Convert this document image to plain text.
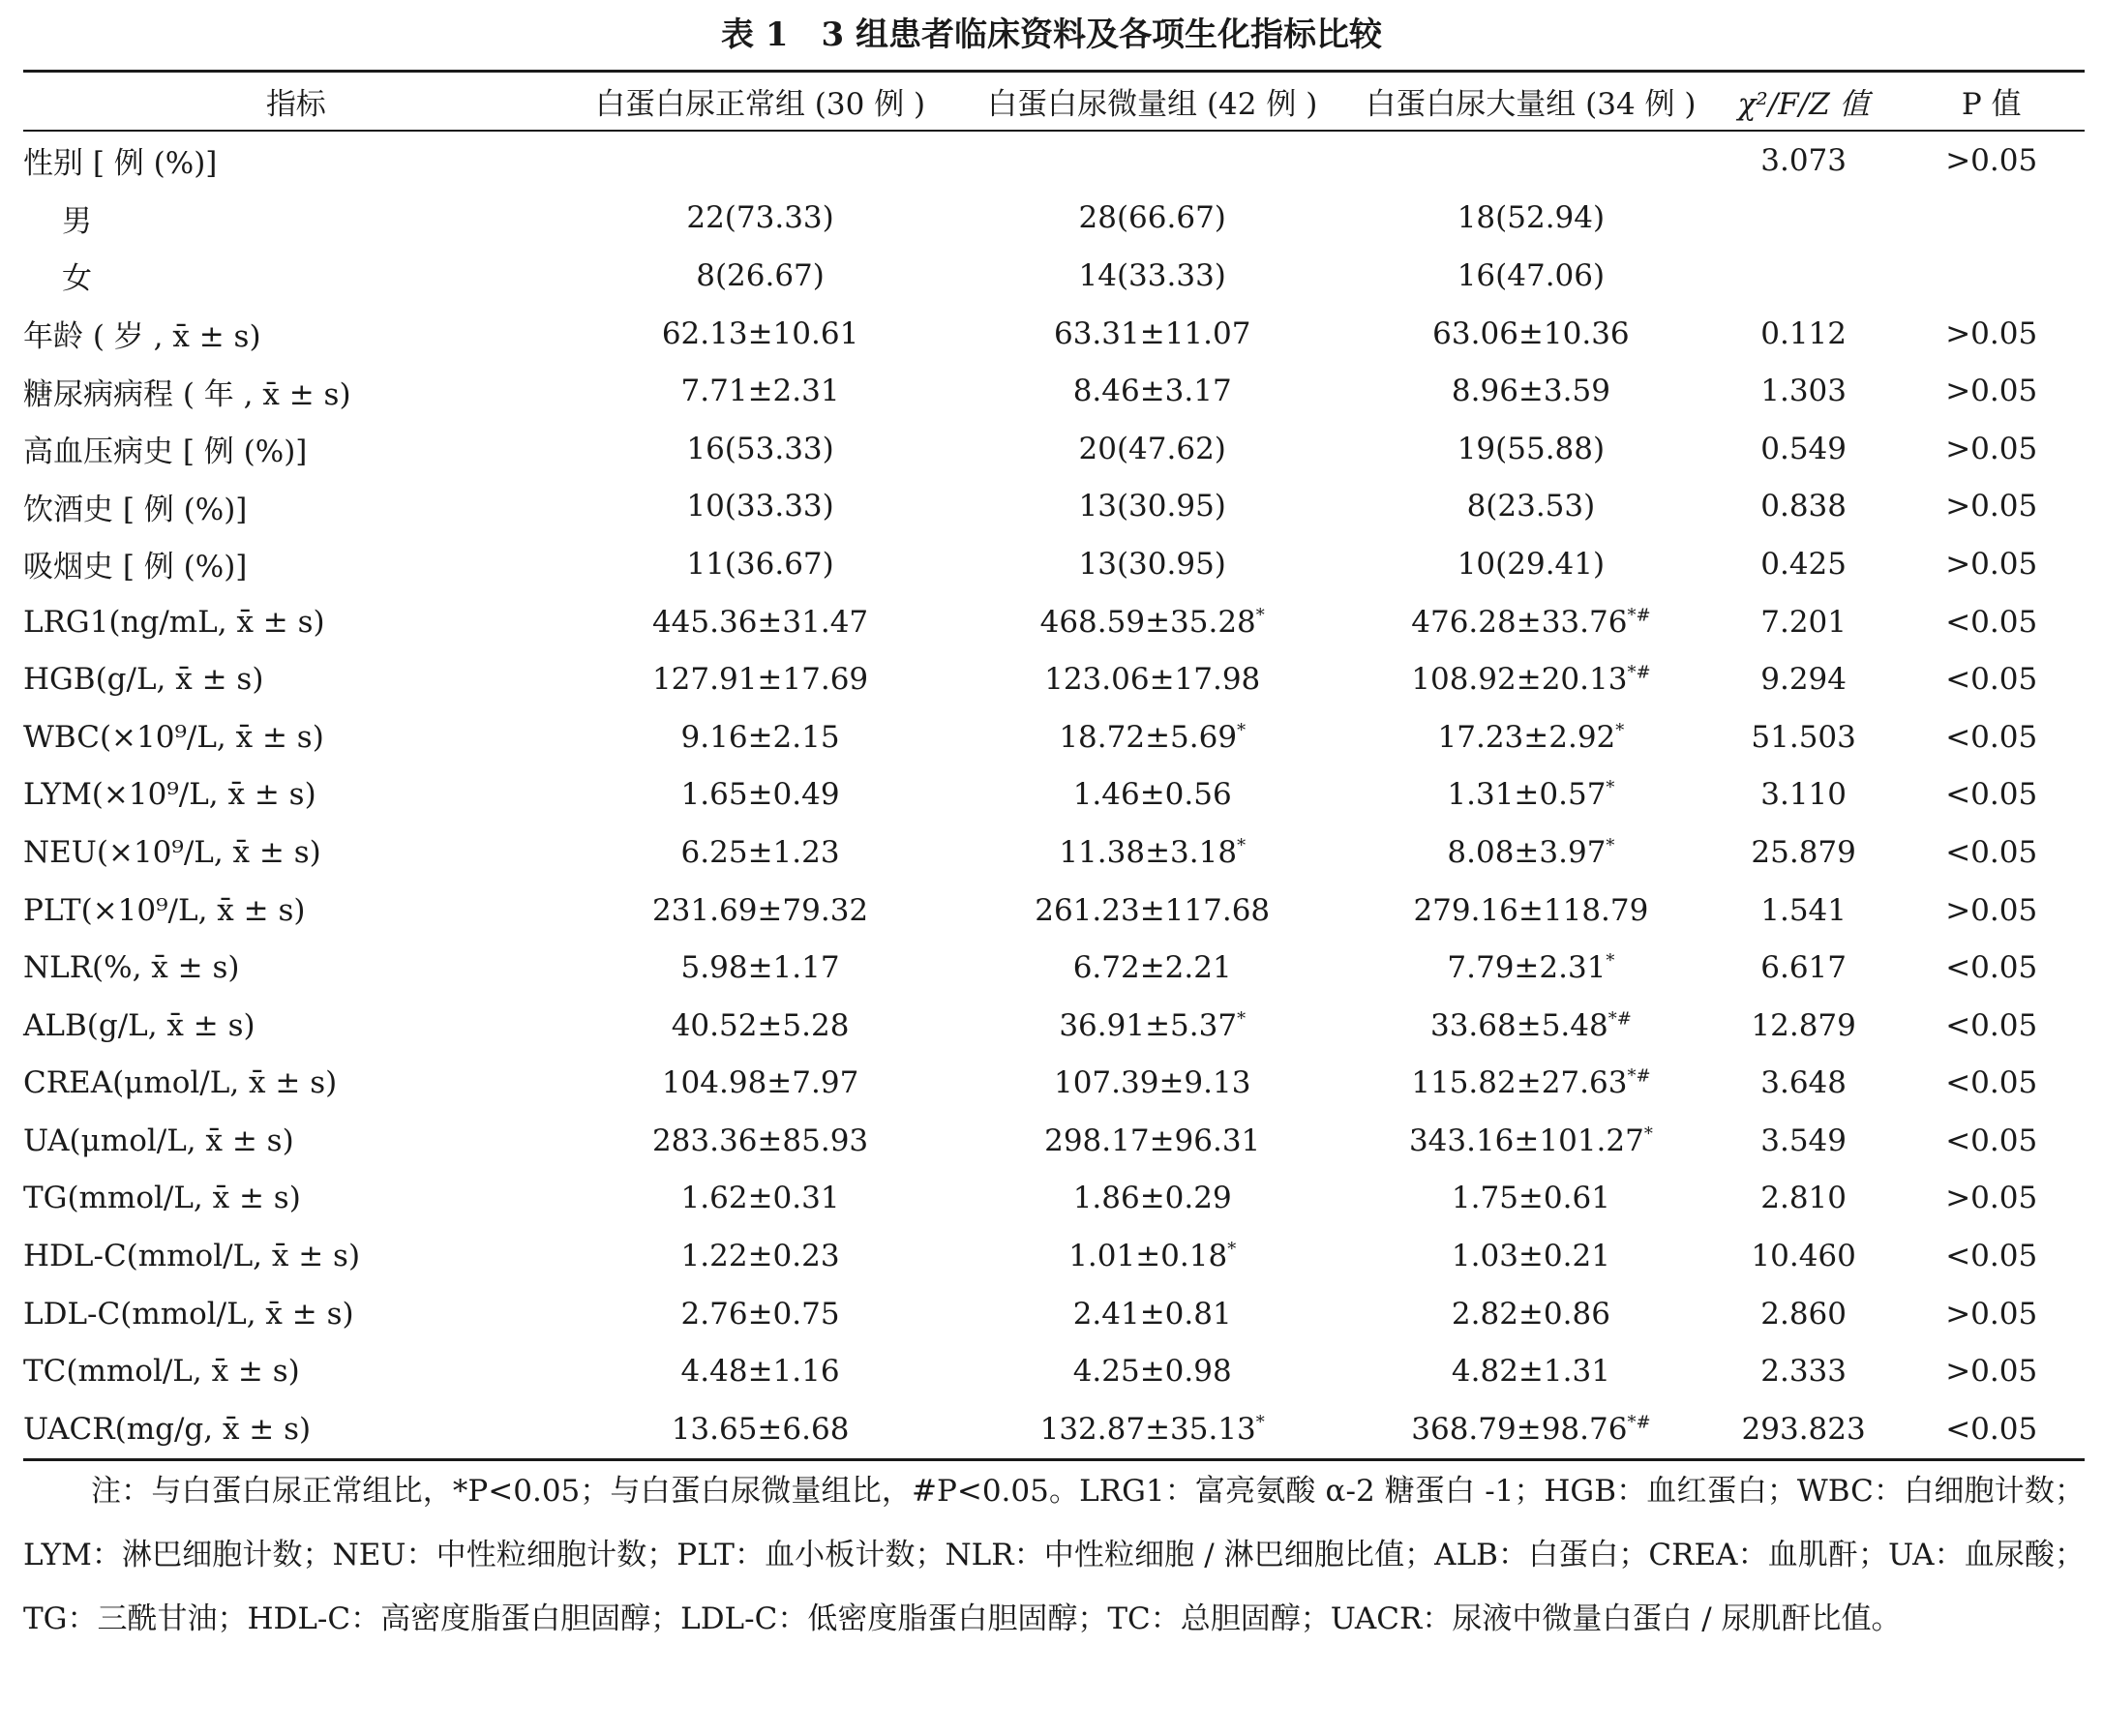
表 1　3 组患者临床资料及各项生化指标比较
指标	白蛋白尿正常组 (30 例 )	白蛋白尿微量组 (42 例 )	白蛋白尿大量组 (34 例 )	χ²/F/Z 值	P 值
性别 [ 例 (%)]				3.073	>0.05
男	22(73.33)	28(66.67)	18(52.94)		
女	8(26.67)	14(33.33)	16(47.06)		
年龄 ( 岁 , x̄ ± s)	62.13±10.61	63.31±11.07	63.06±10.36	0.112	>0.05
糖尿病病程 ( 年 , x̄ ± s)	7.71±2.31	8.46±3.17	8.96±3.59	1.303	>0.05
高血压病史 [ 例 (%)]	16(53.33)	20(47.62)	19(55.88)	0.549	>0.05
饮酒史 [ 例 (%)]	10(33.33)	13(30.95)	8(23.53)	0.838	>0.05
吸烟史 [ 例 (%)]	11(36.67)	13(30.95)	10(29.41)	0.425	>0.05
LRG1(ng/mL, x̄ ± s)	445.36±31.47	468.59±35.28*	476.28±33.76*#	7.201	<0.05
HGB(g/L, x̄ ± s)	127.91±17.69	123.06±17.98	108.92±20.13*#	9.294	<0.05
WBC(×10⁹/L, x̄ ± s)	9.16±2.15	18.72±5.69*	17.23±2.92*	51.503	<0.05
LYM(×10⁹/L, x̄ ± s)	1.65±0.49	1.46±0.56	1.31±0.57*	3.110	<0.05
NEU(×10⁹/L, x̄ ± s)	6.25±1.23	11.38±3.18*	8.08±3.97*	25.879	<0.05
PLT(×10⁹/L, x̄ ± s)	231.69±79.32	261.23±117.68	279.16±118.79	1.541	>0.05
NLR(%, x̄ ± s)	5.98±1.17	6.72±2.21	7.79±2.31*	6.617	<0.05
ALB(g/L, x̄ ± s)	40.52±5.28	36.91±5.37*	33.68±5.48*#	12.879	<0.05
CREA(μmol/L, x̄ ± s)	104.98±7.97	107.39±9.13	115.82±27.63*#	3.648	<0.05
UA(μmol/L, x̄ ± s)	283.36±85.93	298.17±96.31	343.16±101.27*	3.549	<0.05
TG(mmol/L, x̄ ± s)	1.62±0.31	1.86±0.29	1.75±0.61	2.810	>0.05
HDL-C(mmol/L, x̄ ± s)	1.22±0.23	1.01±0.18*	1.03±0.21	10.460	<0.05
LDL-C(mmol/L, x̄ ± s)	2.76±0.75	2.41±0.81	2.82±0.86	2.860	>0.05
TC(mmol/L, x̄ ± s)	4.48±1.16	4.25±0.98	4.82±1.31	2.333	>0.05
UACR(mg/g, x̄ ± s)	13.65±6.68	132.87±35.13*	368.79±98.76*#	293.823	<0.05
注：与白蛋白尿正常组比，*P<0.05；与白蛋白尿微量组比，#P<0.05。LRG1：富亮氨酸 α-2 糖蛋白 -1；HGB：血红蛋白；WBC：白细胞计数；LYM：淋巴细胞计数；NEU：中性粒细胞计数；PLT：血小板计数；NLR：中性粒细胞 / 淋巴细胞比值；ALB：白蛋白；CREA：血肌酐；UA：血尿酸；TG：三酰甘油；HDL-C：高密度脂蛋白胆固醇；LDL-C：低密度脂蛋白胆固醇；TC：总胆固醇；UACR：尿液中微量白蛋白 / 尿肌酐比值。
